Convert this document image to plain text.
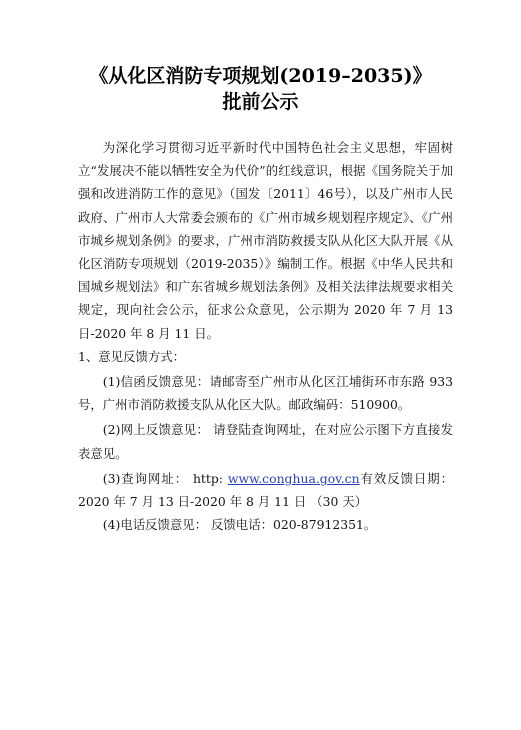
《从化区消防专项规划(2019–2035)》
批前公示

为深化学习贯彻习近平新时代中国特色社会主义思想，牢固树立“发展决不能以牺牲安全为代价”的红线意识，根据《国务院关于加强和改进消防工作的意见》（国发〔2011〕46号），以及广州市人民政府、广州市人大常委会颁布的《广州市城乡规划程序规定》、《广州市城乡规划条例》的要求，广州市消防救援支队从化区大队开展《从化区消防专项规划（2019-2035）》编制工作。根据《中华人民共和国城乡规划法》和广东省城乡规划法条例》及相关法律法规要求相关规定，现向社会公示，征求公众意见，公示期为 2020 年 7 月 13 日-2020 年 8 月 11 日。

1、意见反馈方式：

(1)信函反馈意见：请邮寄至广州市从化区江埔街环市东路 933 号，广州市消防救援支队从化区大队。邮政编码：510900。

(2)网上反馈意见： 请登陆查询网址，在对应公示图下方直接发表意见。

(3)查询网址： http: www.conghua.gov.cn有效反馈日期： 2020 年 7 月 13 日-2020 年 8 月 11 日 （30 天）

(4)电话反馈意见： 反馈电话：020-87912351。
